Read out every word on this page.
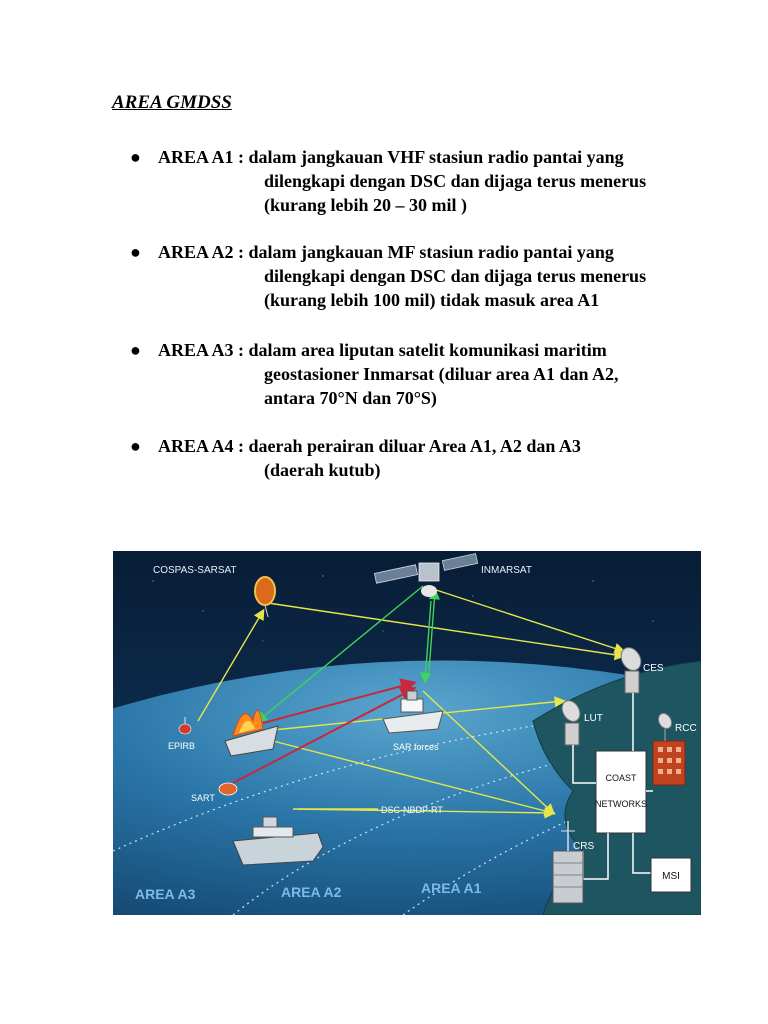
AREA GMDSS
● AREA A1 : dalam jangkauan VHF stasiun radio pantai yang
dilengkapi dengan DSC dan dijaga terus menerus
(kurang lebih 20 – 30 mil )
● AREA A2 : dalam jangkauan MF stasiun radio pantai yang
dilengkapi dengan DSC dan dijaga terus menerus
(kurang lebih 100 mil) tidak masuk area A1
● AREA A3 : dalam area liputan satelit komunikasi maritim
geostasioner Inmarsat (diluar area A1 dan A2,
antara 70°N dan 70°S)
● AREA A4 : daerah perairan diluar Area A1, A2 dan A3
(daerah kutub)
COSPAS-SARSAT	INMARSAT
CES
LUT
RCC
COAST
NETWORKS
CRS
MSI
EPIRB
SART
SAR forces
DSC-NBDP-RT
AREA A3	AREA A2	AREA A1
